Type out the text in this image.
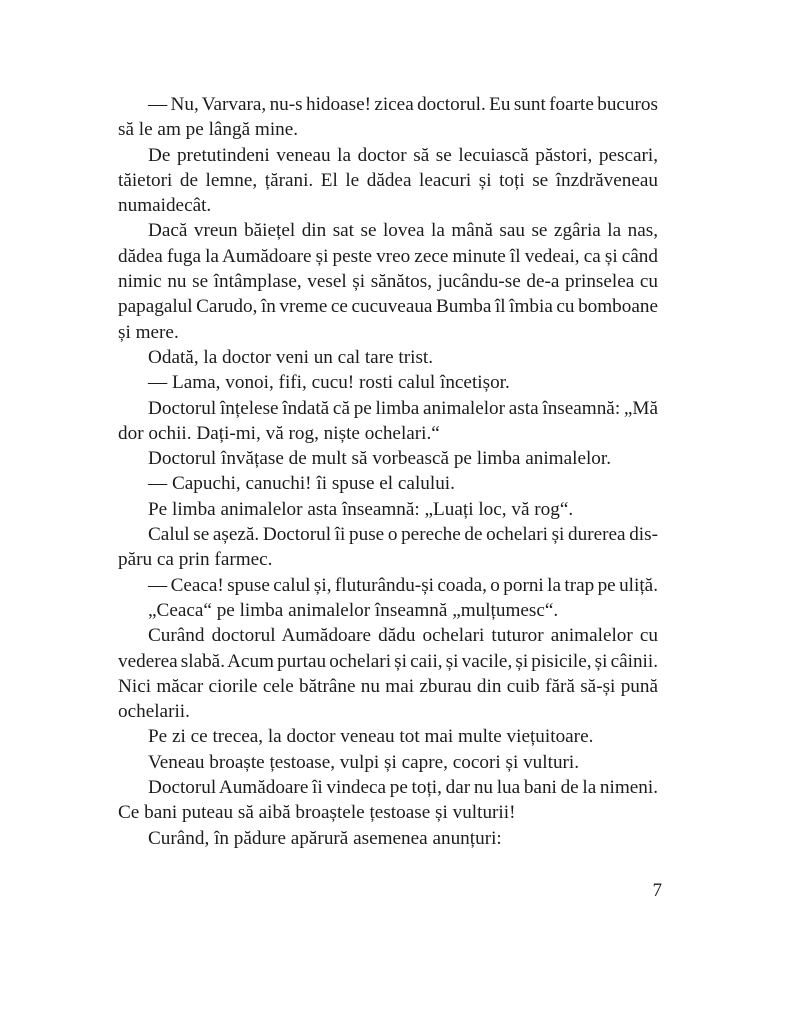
— Nu, Varvara, nu-s hidoase! zicea doctorul. Eu sunt foarte bucuros

să le am pe lângă mine.

De pretutindeni veneau la doctor să se lecuiască păstori, pescari,

tăietori de lemne, țărani. El le dădea leacuri și toți se înzdrăveneau

numaidecât.

Dacă vreun băiețel din sat se lovea la mână sau se zgâria la nas,

dădea fuga la Aumădoare și peste vreo zece minute îl vedeai, ca și când

nimic nu se întâmplase, vesel și sănătos, jucându-se de-a prinselea cu

papagalul Carudo, în vreme ce cucuveaua Bumba îl îmbia cu bomboane

și mere.

Odată, la doctor veni un cal tare trist.

— Lama, vonoi, fifi, cucu! rosti calul încetișor.

Doctorul înțelese îndată că pe limba animalelor asta înseamnă: „Mă

dor ochii. Dați-mi, vă rog, niște ochelari.“

Doctorul învățase de mult să vorbească pe limba animalelor.

— Capuchi, canuchi! îi spuse el calului.

Pe limba animalelor asta înseamnă: „Luați loc, vă rog“.

Calul se așeză. Doctorul îi puse o pereche de ochelari și durerea dis-

păru ca prin farmec.

— Ceaca! spuse calul și, fluturându-și coada, o porni la trap pe uliță.

„Ceaca“ pe limba animalelor înseamnă „mulțumesc“.

Curând doctorul Aumădoare dădu ochelari tuturor animalelor cu

vederea slabă. Acum purtau ochelari și caii, și vacile, și pisicile, și câinii.

Nici măcar ciorile cele bătrâne nu mai zburau din cuib fără să-și pună

ochelarii.

Pe zi ce trecea, la doctor veneau tot mai multe viețuitoare.

Veneau broaște țestoase, vulpi și capre, cocori și vulturi.

Doctorul Aumădoare îi vindeca pe toți, dar nu lua bani de la nimeni.

Ce bani puteau să aibă broaștele țestoase și vulturii!

Curând, în pădure apărură asemenea anunțuri:

7
